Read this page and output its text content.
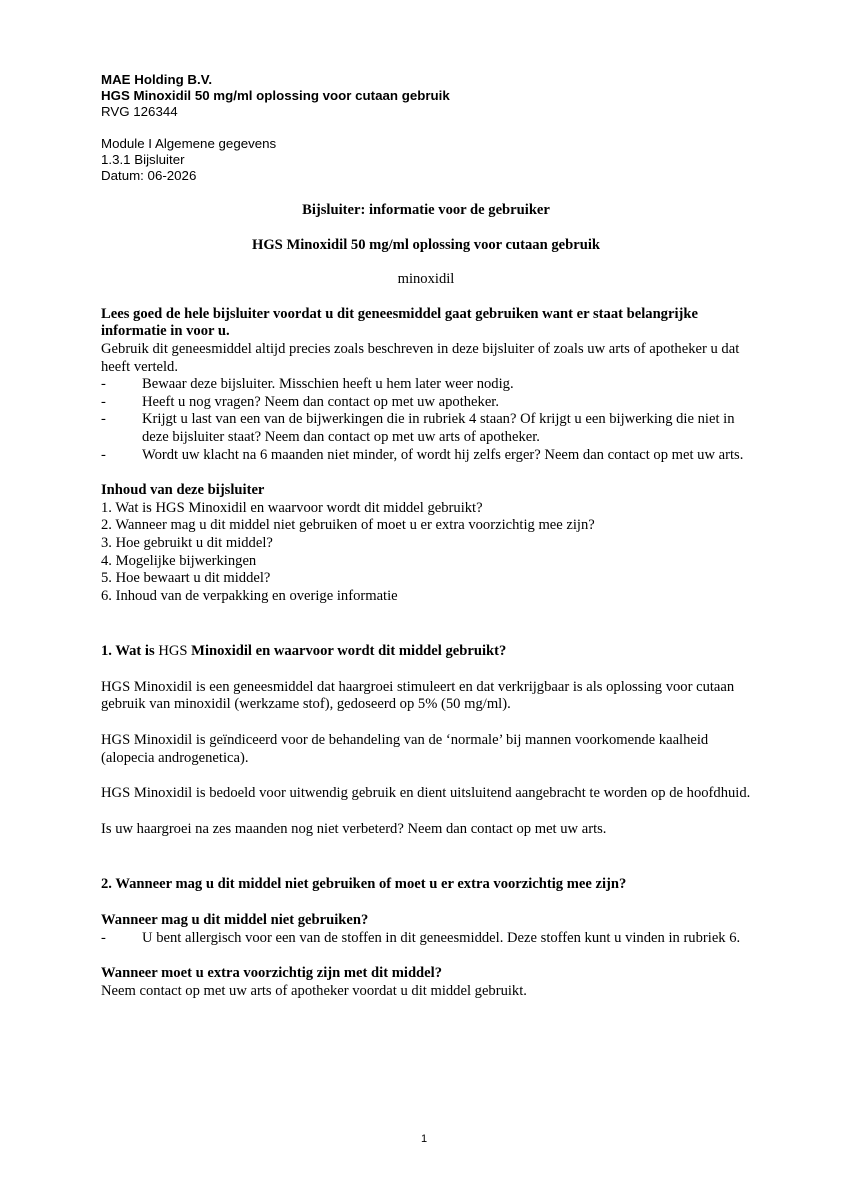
MAE Holding B.V.

HGS Minoxidil 50 mg/ml oplossing voor cutaan gebruik

RVG 126344

Module I Algemene gegevens

1.3.1 Bijsluiter

Datum: 06-2026

Bijsluiter: informatie voor de gebruiker

HGS Minoxidil 50 mg/ml oplossing voor cutaan gebruik

minoxidil

Lees goed de hele bijsluiter voordat u dit geneesmiddel gaat gebruiken want er staat belangrijke informatie in voor u.

Gebruik dit geneesmiddel altijd precies zoals beschreven in deze bijsluiter of zoals uw arts of apotheker u dat heeft verteld.

-	Bewaar deze bijsluiter. Misschien heeft u hem later weer nodig.
-	Heeft u nog vragen? Neem dan contact op met uw apotheker.
-	Krijgt u last van een van de bijwerkingen die in rubriek 4 staan? Of krijgt u een bijwerking die niet in deze bijsluiter staat? Neem dan contact op met uw arts of apotheker.
-	Wordt uw klacht na 6 maanden niet minder, of wordt hij zelfs erger? Neem dan contact op met uw arts.

Inhoud van deze bijsluiter

1. Wat is HGS Minoxidil en waarvoor wordt dit middel gebruikt?

2. Wanneer mag u dit middel niet gebruiken of moet u er extra voorzichtig mee zijn?

3. Hoe gebruikt u dit middel?

4. Mogelijke bijwerkingen

5. Hoe bewaart u dit middel?

6. Inhoud van de verpakking en overige informatie

1. Wat is HGS Minoxidil en waarvoor wordt dit middel gebruikt?

HGS Minoxidil is een geneesmiddel dat haargroei stimuleert en dat verkrijgbaar is als oplossing voor cutaan gebruik van minoxidil (werkzame stof), gedoseerd op 5% (50 mg/ml).

HGS Minoxidil is geïndiceerd voor de behandeling van de ‘normale’ bij mannen voorkomende kaalheid (alopecia androgenetica).

HGS Minoxidil is bedoeld voor uitwendig gebruik en dient uitsluitend aangebracht te worden op de hoofdhuid.

Is uw haargroei na zes maanden nog niet verbeterd? Neem dan contact op met uw arts.

2. Wanneer mag u dit middel niet gebruiken of moet u er extra voorzichtig mee zijn?

Wanneer mag u dit middel niet gebruiken?

-	U bent allergisch voor een van de stoffen in dit geneesmiddel. Deze stoffen kunt u vinden in rubriek 6.

Wanneer moet u extra voorzichtig zijn met dit middel?

Neem contact op met uw arts of apotheker voordat u dit middel gebruikt.

1
